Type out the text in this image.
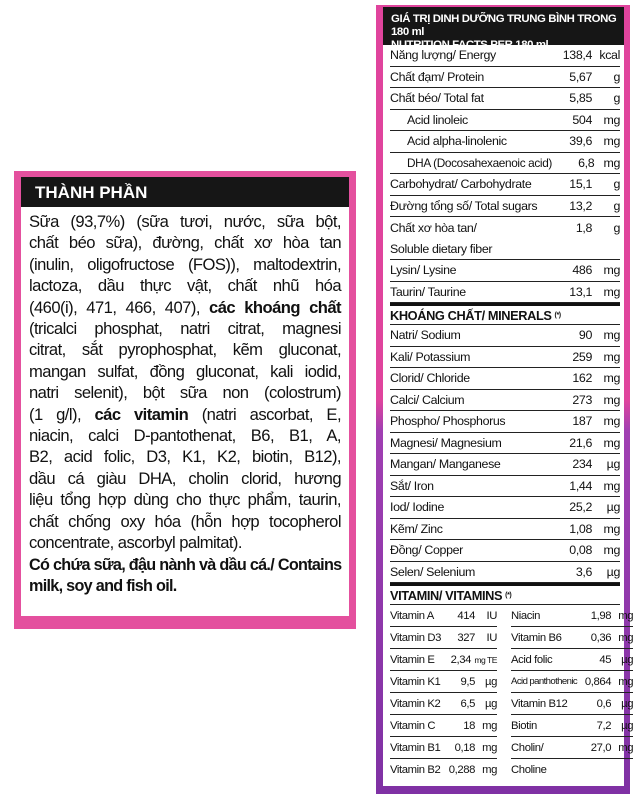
THÀNH PHẦN
Sữa (93,7%) (sữa tươi, nước, sữa bột,
chất béo sữa), đường, chất xơ hòa tan
(inulin, oligofructose (FOS)), maltodextrin,
lactoza, dầu thực vật, chất nhũ hóa
(460(i), 471, 466, 407), các khoáng chất
(tricalci phosphat, natri citrat, magnesi
citrat, sắt pyrophosphat, kẽm gluconat,
mangan sulfat, đồng gluconat, kali iodid,
natri selenit), bột sữa non (colostrum)
(1 g/l), các vitamin (natri ascorbat, E,
niacin, calci D-pantothenat, B6, B1, A,
B2, acid folic, D3, K1, K2, biotin, B12),
dầu cá giàu DHA, cholin clorid, hương
liệu tổng hợp dùng cho thực phẩm, taurin,
chất chống oxy hóa (hỗn hợp tocopherol
concentrate, ascorbyl palmitat).
Có chứa sữa, đậu nành và dầu cá./ Contains
milk, soy and fish oil.
GIÁ TRỊ DINH DƯỠNG TRUNG BÌNH TRONG 180 ml
Năng lượng/ Energy	138,4 kcal
Chất đạm/ Protein	5,67	g
Chất béo/ Total fat	5,85	g
Acid linoleic	504 mg
Acid alpha-linolenic	39,6 mg
DHA (Docosahexaenoic acid)	6,8 mg
Carbohydrat/ Carbohydrate	15,1	g
Đường tổng số/ Total sugars	13,2	g
Chất xơ hòa tan/	1,8	g
Soluble dietary fiber
Lysin/ Lysine	486 mg
Taurin/ Taurine	13,1 mg
KHOÁNG CHẤT/ MINERALS (*)
Natri/ Sodium	90 mg
Kali/ Potassium	259 mg
Clorid/ Chloride	162 mg
Calci/ Calcium	273 mg
Phospho/ Phosphorus	187 mg
Magnesi/ Magnesium	21,6 mg
Mangan/ Manganese	234	µg
Sắt/ Iron	1,44 mg
Iod/ Iodine	25,2	µg
Kẽm/ Zinc	1,08 mg
Đồng/ Copper	0,08 mg
Selen/ Selenium	3,6	µg
VITAMIN/ VITAMINS (*)
Vitamin A	414	IU
Vitamin D3	327	IU
Vitamin E	2,34 mg TE
Vitamin K1	9,5 µg
Vitamin K2	6,5 µg
Vitamin C	18 mg
Vitamin B1	0,18 mg
Vitamin B2 0,288 mg
Niacin	1,98 mg
Vitamin B6	0,36 mg
Acid folic	45 µg
Acid panthothenic 0,864 mg
Vitamin B12	0,6 µg
Biotin	7,2 µg
Cholin/	27,0 mg
Choline
